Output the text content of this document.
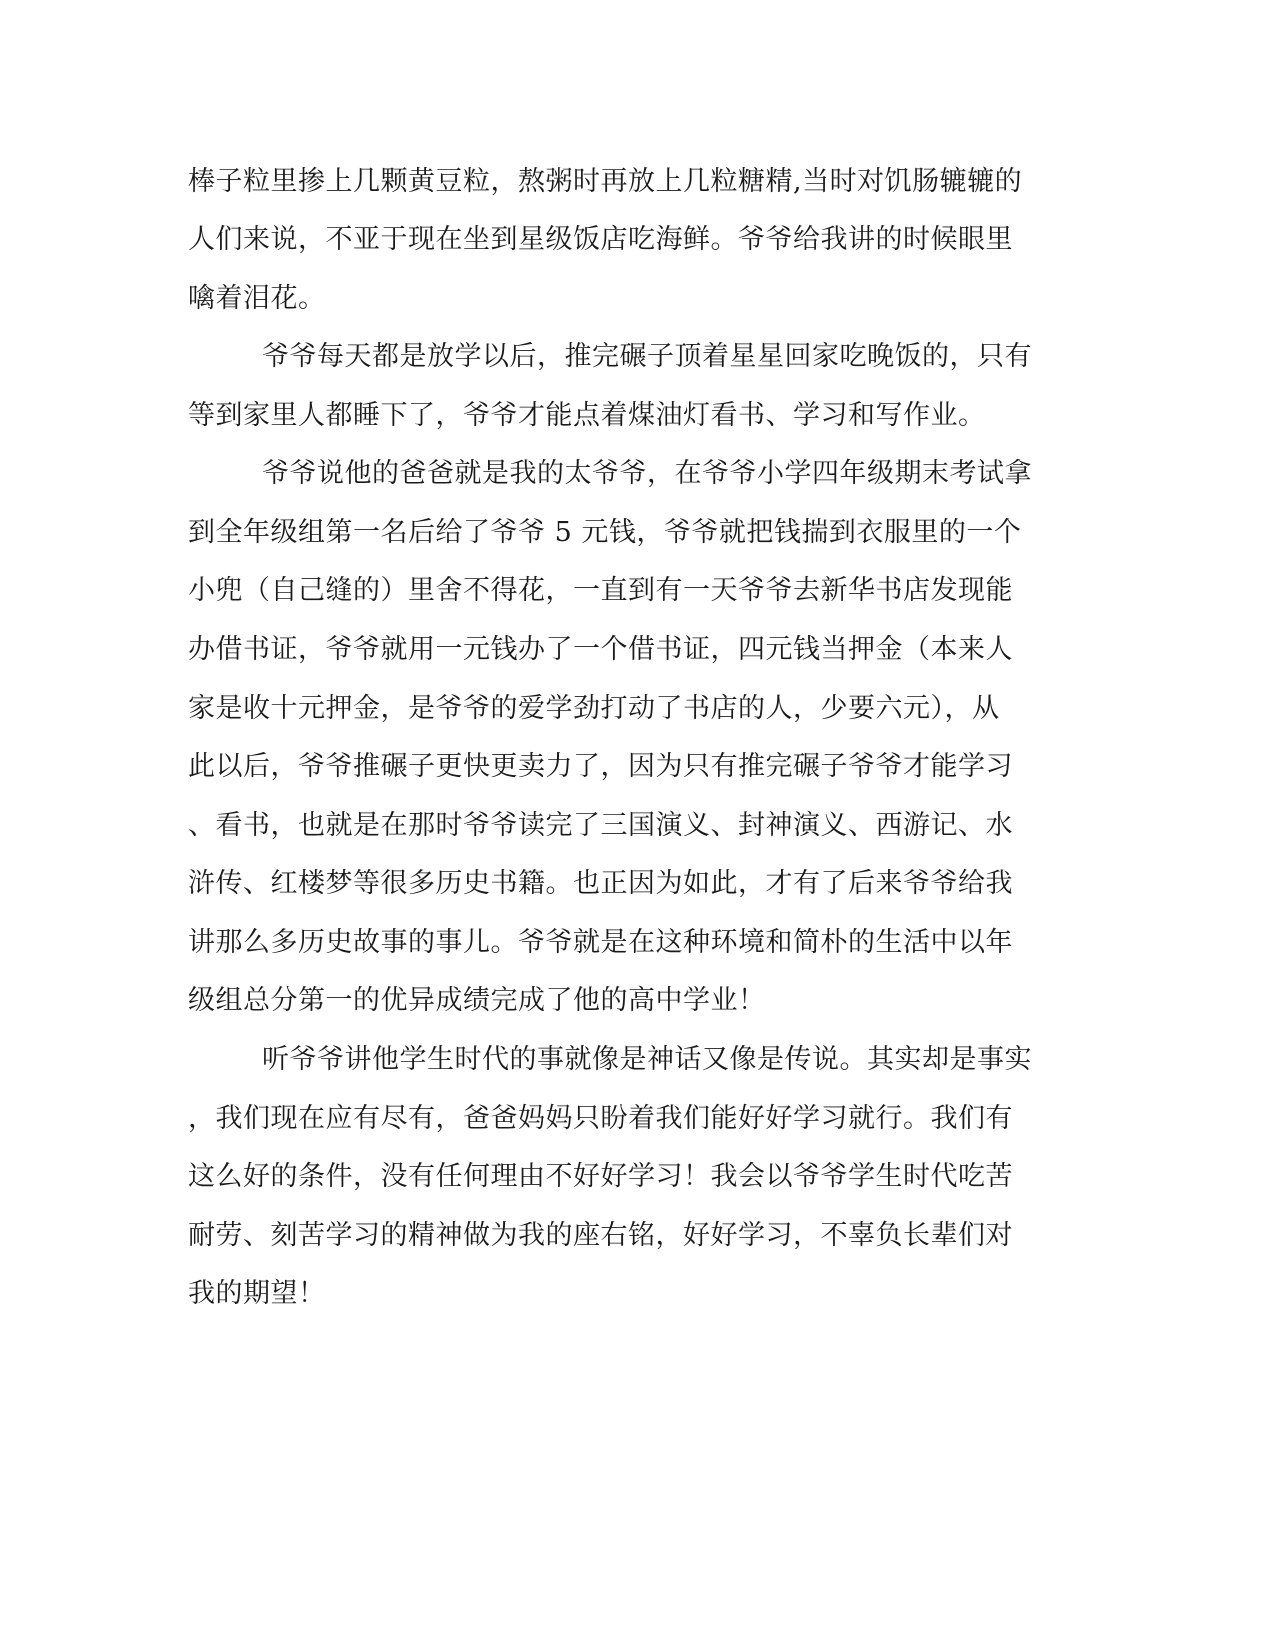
棒子粒里掺上几颗黄豆粒，熬粥时再放上几粒糖精,当时对饥肠辘辘的
人们来说，不亚于现在坐到星级饭店吃海鲜。爷爷给我讲的时候眼里
噙着泪花。
爷爷每天都是放学以后，推完碾子顶着星星回家吃晚饭的，只有
等到家里人都睡下了，爷爷才能点着煤油灯看书、学习和写作业。
爷爷说他的爸爸就是我的太爷爷，在爷爷小学四年级期末考试拿
到全年级组第一名后给了爷爷 5 元钱，爷爷就把钱揣到衣服里的一个
小兜（自己缝的）里舍不得花，一直到有一天爷爷去新华书店发现能
办借书证，爷爷就用一元钱办了一个借书证，四元钱当押金（本来人
家是收十元押金，是爷爷的爱学劲打动了书店的人，少要六元），从
此以后，爷爷推碾子更快更卖力了，因为只有推完碾子爷爷才能学习
、看书，也就是在那时爷爷读完了三国演义、封神演义、西游记、水
浒传、红楼梦等很多历史书籍。也正因为如此，才有了后来爷爷给我
讲那么多历史故事的事儿。爷爷就是在这种环境和简朴的生活中以年
级组总分第一的优异成绩完成了他的高中学业！
听爷爷讲他学生时代的事就像是神话又像是传说。其实却是事实
，我们现在应有尽有，爸爸妈妈只盼着我们能好好学习就行。我们有
这么好的条件，没有任何理由不好好学习！我会以爷爷学生时代吃苦
耐劳、刻苦学习的精神做为我的座右铭，好好学习，不辜负长辈们对
我的期望！
